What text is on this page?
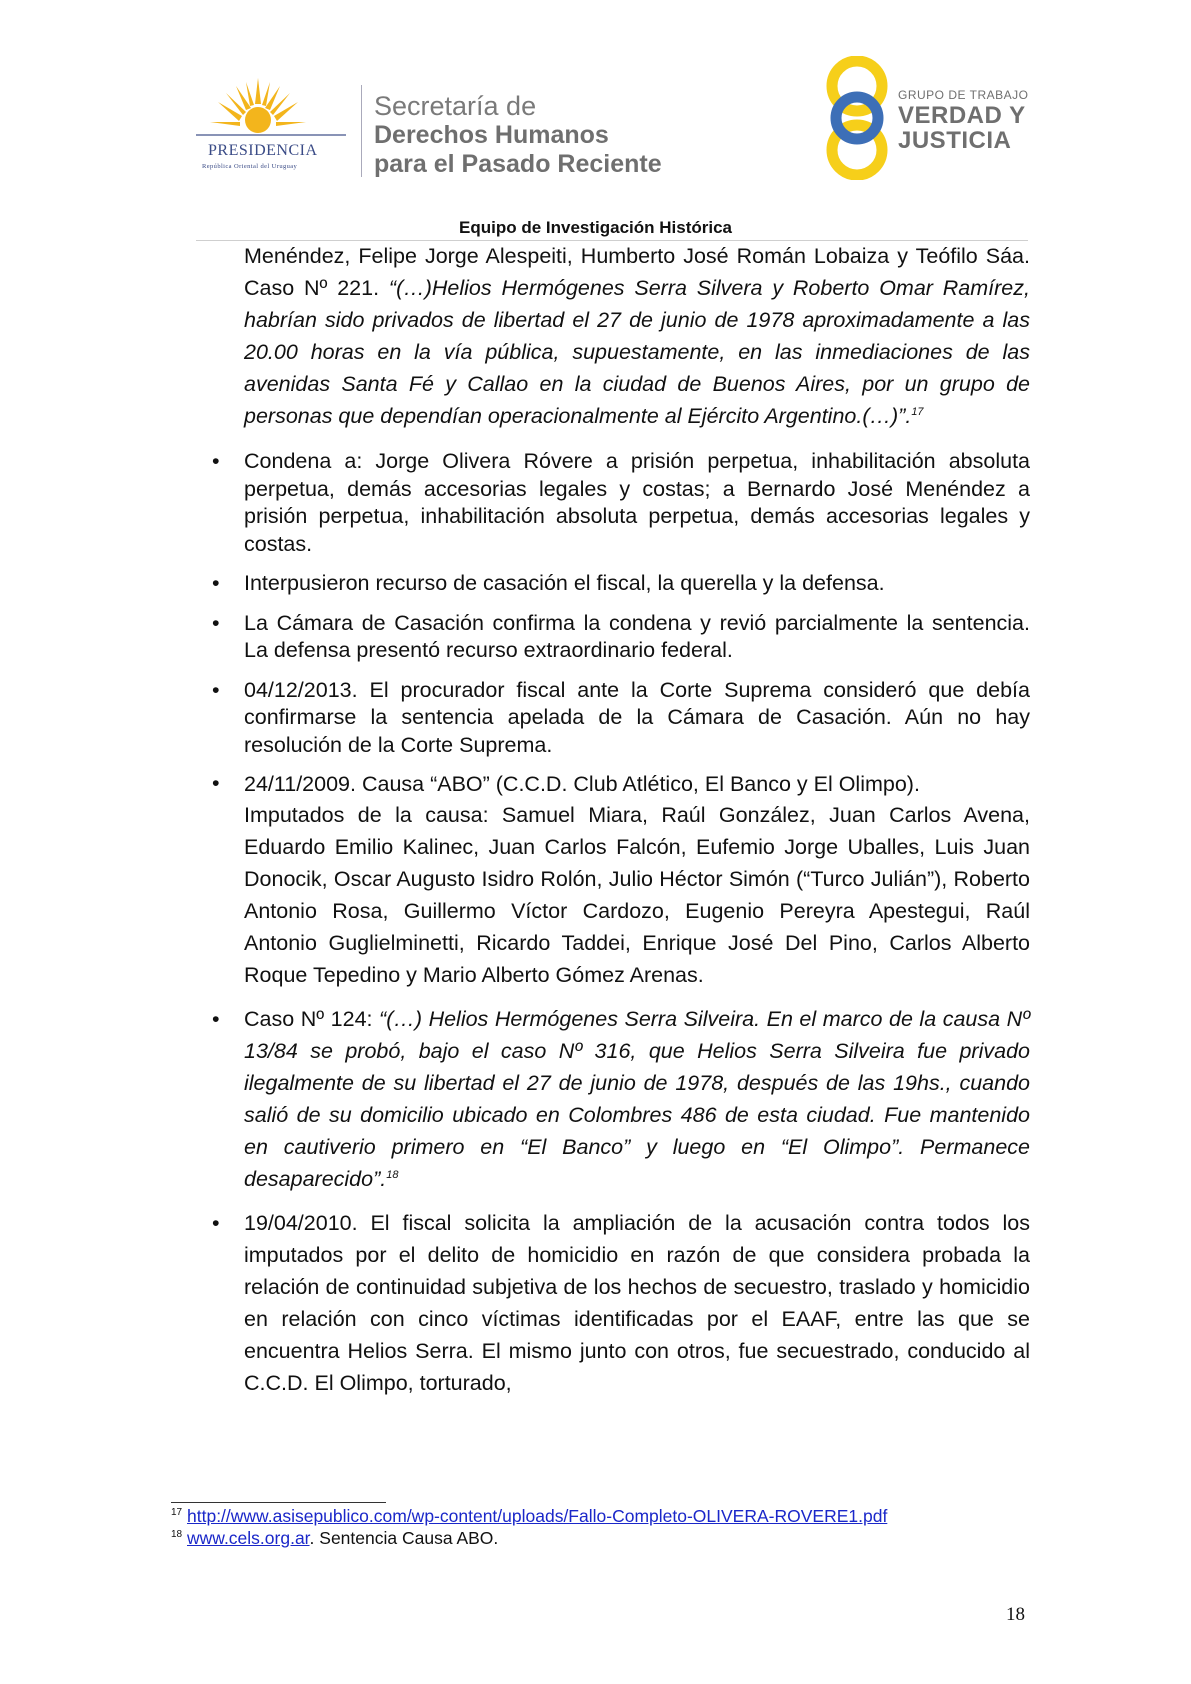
PRESIDENCIA
República Oriental del Uruguay
Secretaría de
Derechos Humanos
para el Pasado Reciente
GRUPO DE TRABAJO
VERDAD Y
JUSTICIA
Equipo de Investigación Histórica
Menéndez, Felipe Jorge Alespeiti, Humberto José Román Lobaiza y Teófilo Sáa. Caso Nº 221. “(…)Helios Hermógenes Serra Silvera y Roberto Omar Ramírez, habrían sido privados de libertad el 27 de junio de 1978 aproximadamente a las 20.00 horas en la vía pública, supuestamente, en las inmediaciones de las avenidas Santa Fé y Callao en la ciudad de Buenos Aires, por un grupo de personas que dependían operacionalmente al Ejército Argentino.(…)”.$^{17}$
• Condena a: Jorge Olivera Róvere a prisión perpetua, inhabilitación absoluta perpetua, demás accesorias legales y costas; a Bernardo José Menéndez a prisión perpetua, inhabilitación absoluta perpetua, demás accesorias legales y costas.
• Interpusieron recurso de casación el fiscal, la querella y la defensa.
• La Cámara de Casación confirma la condena y revió parcialmente la sentencia. La defensa presentó recurso extraordinario federal.
• 04/12/2013. El procurador fiscal ante la Corte Suprema consideró que debía confirmarse la sentencia apelada de la Cámara de Casación. Aún no hay resolución de la Corte Suprema.
• 24/11/2009. Causa “ABO” (C.C.D. Club Atlético, El Banco y El Olimpo).
Imputados de la causa: Samuel Miara, Raúl González, Juan Carlos Avena, Eduardo Emilio Kalinec, Juan Carlos Falcón, Eufemio Jorge Uballes, Luis Juan Donocik, Oscar Augusto Isidro Rolón, Julio Héctor Simón (“Turco Julián”), Roberto Antonio Rosa, Guillermo Víctor Cardozo, Eugenio Pereyra Apestegui, Raúl Antonio Guglielminetti, Ricardo Taddei, Enrique José Del Pino, Carlos Alberto Roque Tepedino y Mario Alberto Gómez Arenas.
• Caso Nº 124: “(…) Helios Hermógenes Serra Silveira. En el marco de la causa Nº 13/84 se probó, bajo el caso Nº 316, que Helios Serra Silveira fue privado ilegalmente de su libertad el 27 de junio de 1978, después de las 19hs., cuando salió de su domicilio ubicado en Colombres 486 de esta ciudad. Fue mantenido en cautiverio primero en “El Banco” y luego en “El Olimpo”. Permanece desaparecido”.$^{18}$
• 19/04/2010. El fiscal solicita la ampliación de la acusación contra todos los imputados por el delito de homicidio en razón de que considera probada la relación de continuidad subjetiva de los hechos de secuestro, traslado y homicidio en relación con cinco víctimas identificadas por el EAAF, entre las que se encuentra Helios Serra. El mismo junto con otros, fue secuestrado, conducido al C.C.D. El Olimpo, torturado,
$^{17}$ http://www.asisepublico.com/wp-content/uploads/Fallo-Completo-OLIVERA-ROVERE1.pdf
$^{18}$ www.cels.org.ar. Sentencia Causa ABO.
18
